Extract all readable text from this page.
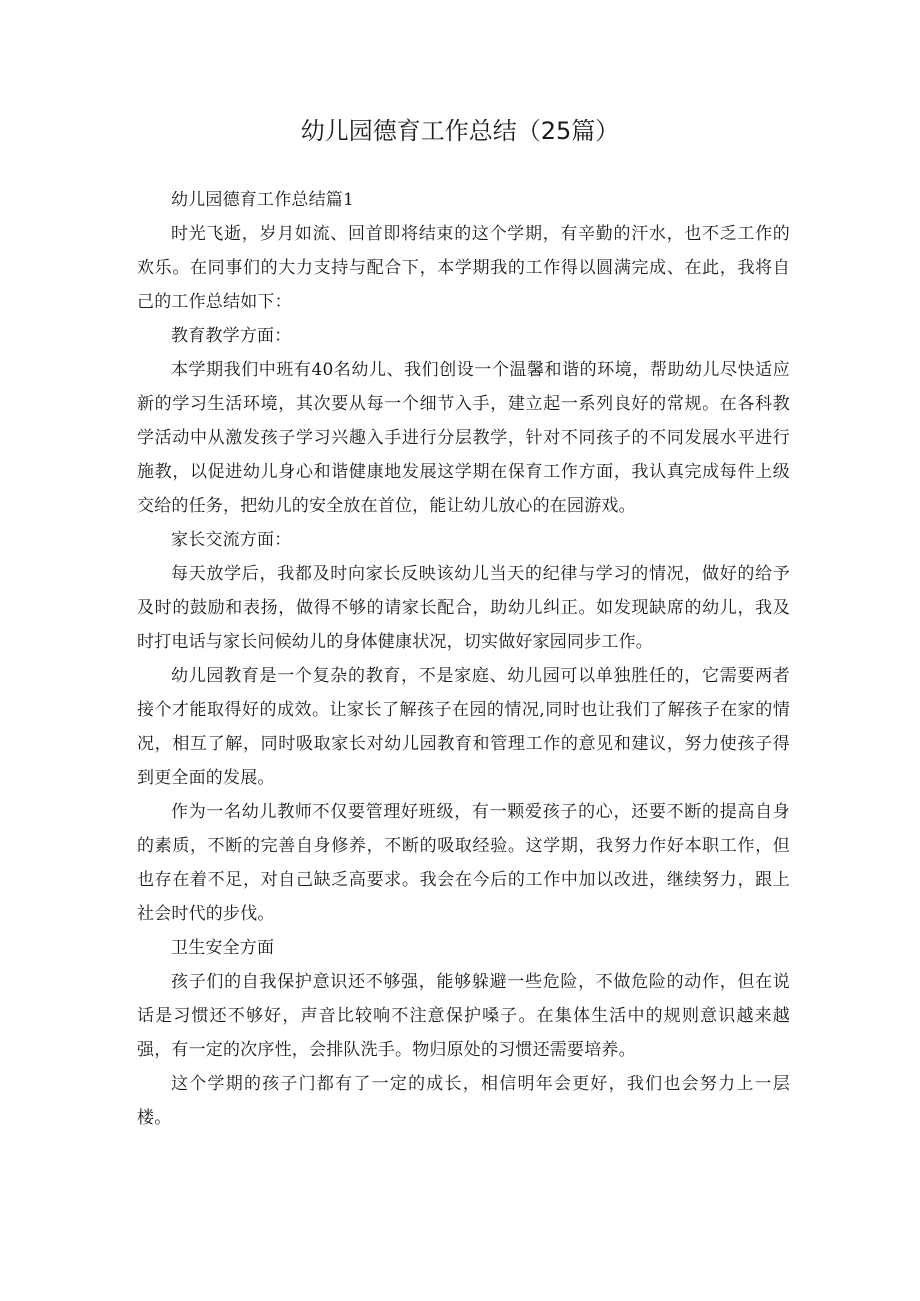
幼儿园德育工作总结（25篇）

幼儿园德育工作总结篇1

时光飞逝，岁月如流、回首即将结束的这个学期，有辛勤的汗水，也不乏工作的欢乐。在同事们的大力支持与配合下，本学期我的工作得以圆满完成、在此，我将自己的工作总结如下：

教育教学方面：

本学期我们中班有40名幼儿、我们创设一个温馨和谐的环境，帮助幼儿尽快适应新的学习生活环境，其次要从每一个细节入手，建立起一系列良好的常规。在各科教学活动中从激发孩子学习兴趣入手进行分层教学，针对不同孩子的不同发展水平进行施教，以促进幼儿身心和谐健康地发展这学期在保育工作方面，我认真完成每件上级交给的任务，把幼儿的安全放在首位，能让幼儿放心的在园游戏。

家长交流方面：

每天放学后，我都及时向家长反映该幼儿当天的纪律与学习的情况，做好的给予及时的鼓励和表扬，做得不够的请家长配合，助幼儿纠正。如发现缺席的幼儿，我及时打电话与家长问候幼儿的身体健康状况，切实做好家园同步工作。

幼儿园教育是一个复杂的教育，不是家庭、幼儿园可以单独胜任的，它需要两者接个才能取得好的成效。让家长了解孩子在园的情况,同时也让我们了解孩子在家的情况，相互了解，同时吸取家长对幼儿园教育和管理工作的意见和建议，努力使孩子得到更全面的发展。

作为一名幼儿教师不仅要管理好班级，有一颗爱孩子的心，还要不断的提高自身的素质，不断的完善自身修养，不断的吸取经验。这学期，我努力作好本职工作，但也存在着不足，对自己缺乏高要求。我会在今后的工作中加以改进，继续努力，跟上社会时代的步伐。

卫生安全方面

孩子们的自我保护意识还不够强，能够躲避一些危险，不做危险的动作，但在说话是习惯还不够好，声音比较响不注意保护嗓子。在集体生活中的规则意识越来越强，有一定的次序性，会排队洗手。物归原处的习惯还需要培养。

这个学期的孩子门都有了一定的成长，相信明年会更好，我们也会努力上一层楼。
